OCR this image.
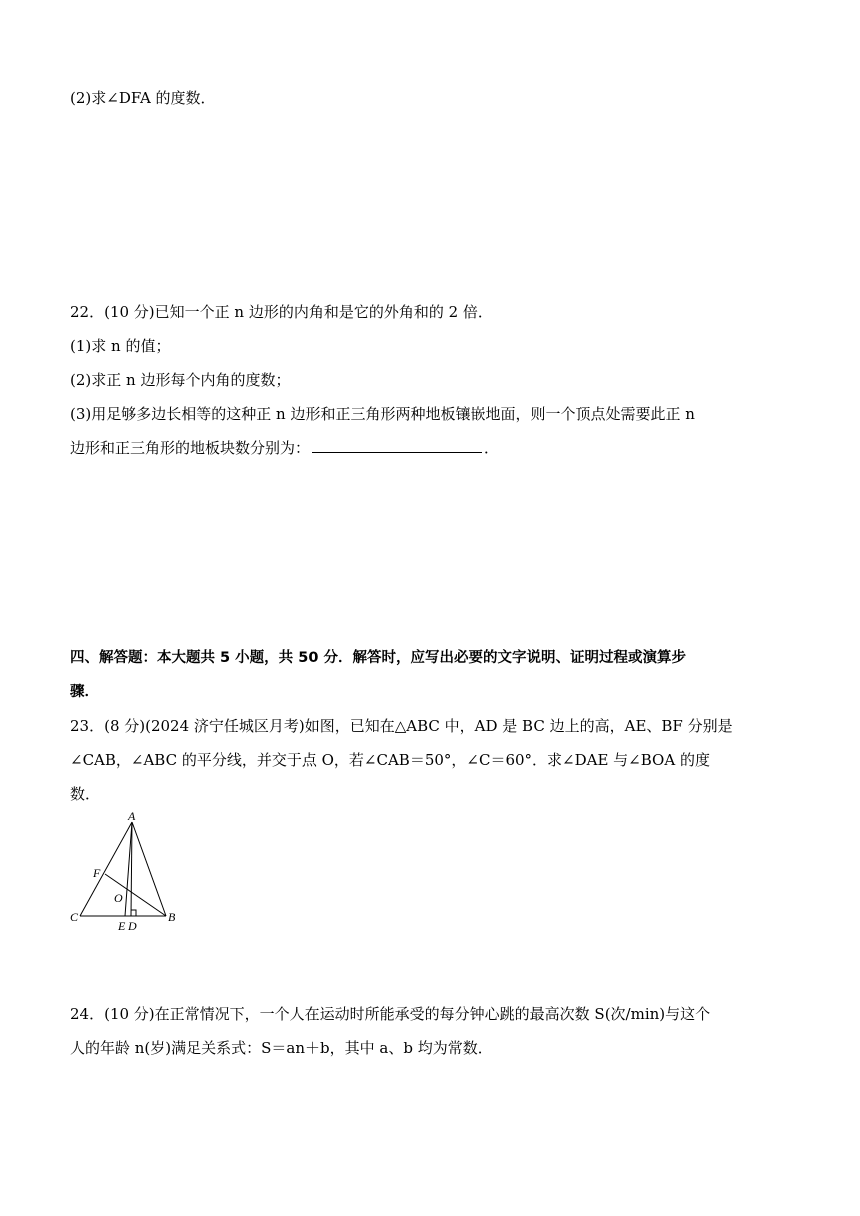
(2)求∠DFA 的度数．
22．(10 分)已知一个正 n 边形的内角和是它的外角和的 2 倍．
(1)求 n 的值；
(2)求正 n 边形每个内角的度数；
(3)用足够多边长相等的这种正 n 边形和正三角形两种地板镶嵌地面，则一个顶点处需要此正 n
边形和正三角形的地板块数分别为：	．
四、解答题：本大题共 5 小题，共 50 分．解答时，应写出必要的文字说明、证明过程或演算步
骤．
23．(8 分)(2024 济宁任城区月考)如图，已知在△ABC 中，AD 是 BC 边上的高，AE、BF 分别是
∠CAB，∠ABC 的平分线，并交于点 O，若∠CAB＝50°，∠C＝60°．求∠DAE 与∠BOA 的度
数．
A
B
C
F
O
E D
24．(10 分)在正常情况下，一个人在运动时所能承受的每分钟心跳的最高次数 S(次/min)与这个
人的年龄 n(岁)满足关系式：S＝an＋b，其中 a、b 均为常数．
